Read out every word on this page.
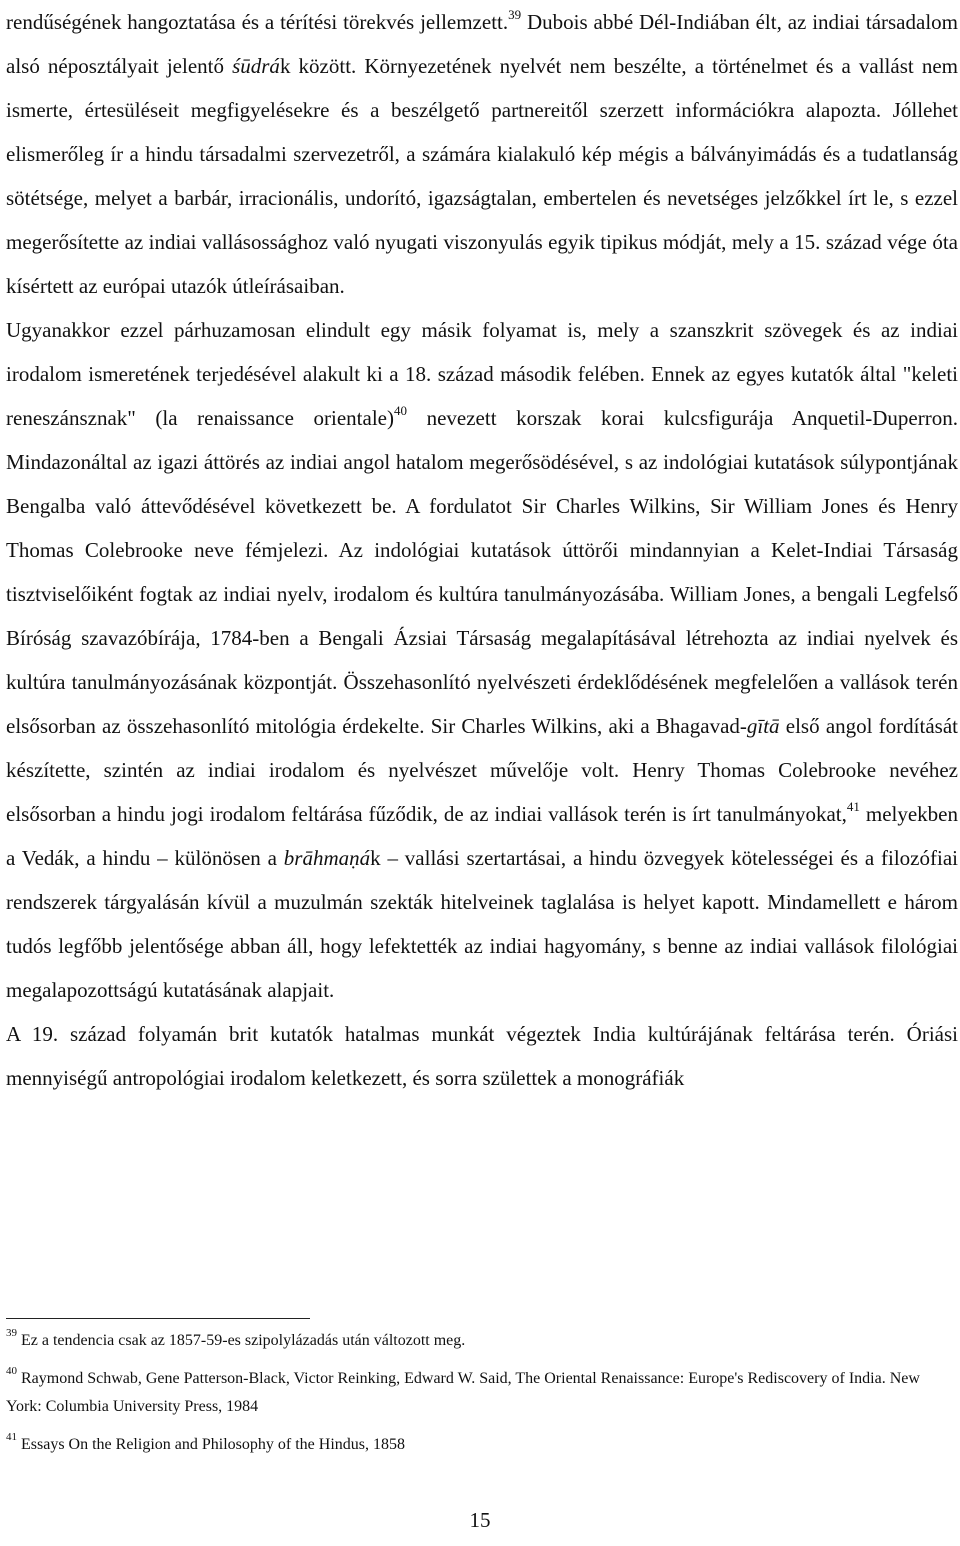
rendűségének hangoztatása és a térítési törekvés jellemzett.$^{39}$ Dubois abbé Dél-Indiában élt, az indiai társadalom alsó néposztályait jelentő śūdrák között. Környezetének nyelvét nem beszélte, a történelmet és a vallást nem ismerte, értesüléseit megfigyelésekre és a beszélgető partnereitől szerzett információkra alapozta. Jóllehet elismerőleg ír a hindu társadalmi szervezetről, a számára kialakuló kép mégis a bálványimádás és a tudatlanság sötétsége, melyet a barbár, irracionális, undorító, igazságtalan, embertelen és nevetséges jelzőkkel írt le, s ezzel megerősítette az indiai vallásossághoz való nyugati viszonyulás egyik tipikus módját, mely a 15. század vége óta kísértett az európai utazók útleírásaiban.

Ugyanakkor ezzel párhuzamosan elindult egy másik folyamat is, mely a szanszkrit szövegek és az indiai irodalom ismeretének terjedésével alakult ki a 18. század második felében. Ennek az egyes kutatók által "keleti reneszánsznak" (la renaissance orientale)$^{40}$ nevezett korszak korai kulcsfigurája Anquetil-Duperron. Mindazonáltal az igazi áttörés az indiai angol hatalom megerősödésével, s az indológiai kutatások súlypontjának Bengalba való áttevődésével következett be. A fordulatot Sir Charles Wilkins, Sir William Jones és Henry Thomas Colebrooke neve fémjelezi. Az indológiai kutatások úttörői mindannyian a Kelet-Indiai Társaság tisztviselőiként fogtak az indiai nyelv, irodalom és kultúra tanulmányozásába. William Jones, a bengali Legfelső Bíróság szavazóbírája, 1784-ben a Bengali Ázsiai Társaság megalapításával létrehozta az indiai nyelvek és kultúra tanulmányozásának központját. Összehasonlító nyelvészeti érdeklődésének megfelelően a vallások terén elsősorban az összehasonlító mitológia érdekelte. Sir Charles Wilkins, aki a Bhagavad-gītā első angol fordítását készítette, szintén az indiai irodalom és nyelvészet művelője volt. Henry Thomas Colebrooke nevéhez elsősorban a hindu jogi irodalom feltárása fűződik, de az indiai vallások terén is írt tanulmányokat,$^{41}$ melyekben a Vedák, a hindu – különösen a brāhmaṇák – vallási szertartásai, a hindu özvegyek kötelességei és a filozófiai rendszerek tárgyalásán kívül a muzulmán szekták hitelveinek taglalása is helyet kapott. Mindamellett e három tudós legfőbb jelentősége abban áll, hogy lefektették az indiai hagyomány, s benne az indiai vallások filológiai megalapozottságú kutatásának alapjait.

A 19. század folyamán brit kutatók hatalmas munkát végeztek India kultúrájának feltárása terén. Óriási mennyiségű antropológiai irodalom keletkezett, és sorra születtek a monográfiák

$^{39}$ Ez a tendencia csak az 1857-59-es szipolylázadás után változott meg.

$^{40}$ Raymond Schwab, Gene Patterson-Black, Victor Reinking, Edward W. Said, The Oriental Renaissance: Europe's Rediscovery of India. New York: Columbia University Press, 1984

$^{41}$ Essays On the Religion and Philosophy of the Hindus, 1858

15
